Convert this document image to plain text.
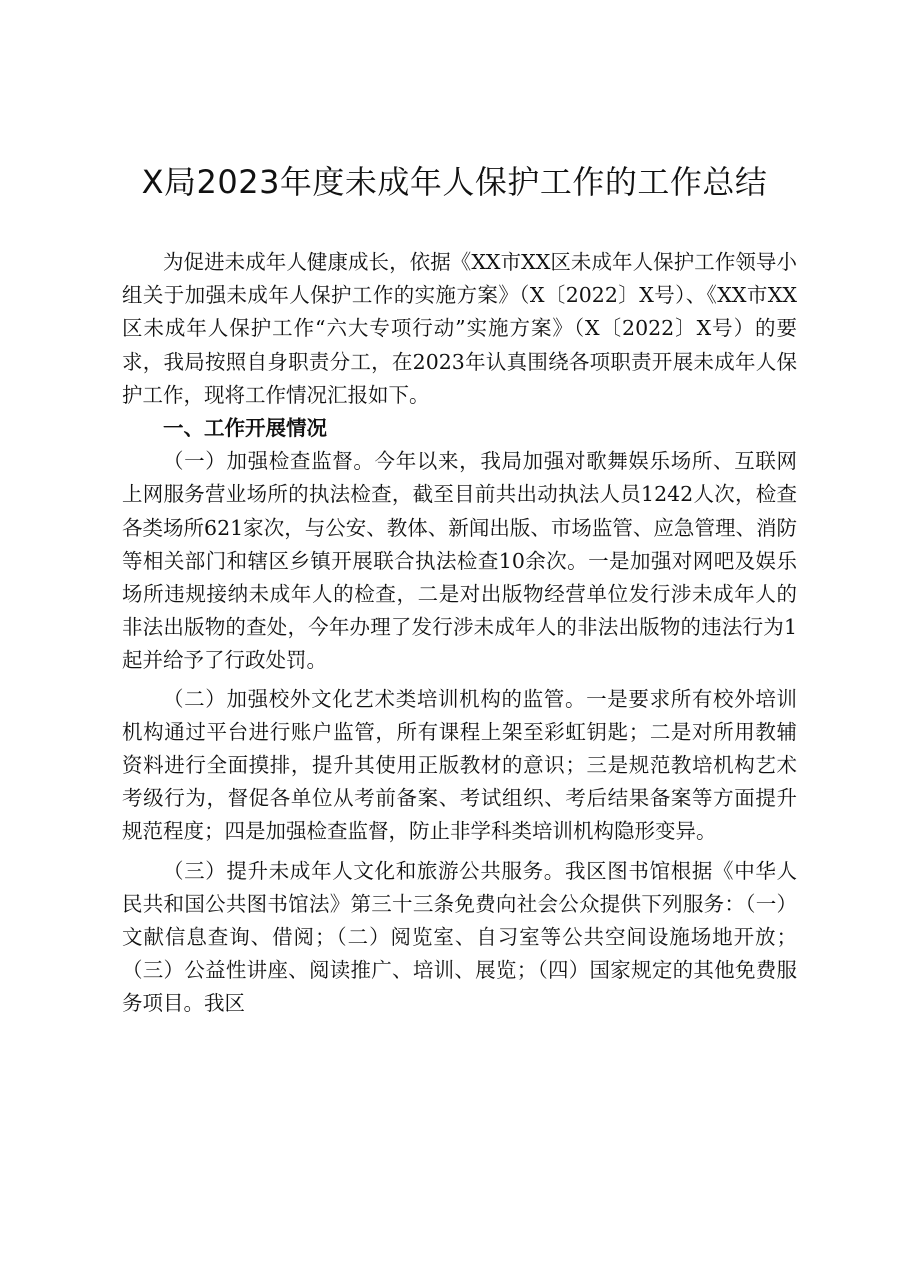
X局2023年度未成年人保护工作的工作总结

为促进未成年人健康成长，依据《XX市XX区未成年人保护工作领导小组关于加强未成年人保护工作的实施方案》（X〔2022〕X号）、《XX市XX区未成年人保护工作“六大专项行动”实施方案》（X〔2022〕X号）的要求，我局按照自身职责分工，在2023年认真围绕各项职责开展未成年人保护工作，现将工作情况汇报如下。

一、工作开展情况

（一）加强检查监督。今年以来，我局加强对歌舞娱乐场所、互联网上网服务营业场所的执法检查，截至目前共出动执法人员1242人次，检查各类场所621家次，与公安、教体、新闻出版、市场监管、应急管理、消防等相关部门和辖区乡镇开展联合执法检查10余次。一是加强对网吧及娱乐场所违规接纳未成年人的检查，二是对出版物经营单位发行涉未成年人的非法出版物的查处，今年办理了发行涉未成年人的非法出版物的违法行为1起并给予了行政处罚。

（二）加强校外文化艺术类培训机构的监管。一是要求所有校外培训机构通过平台进行账户监管，所有课程上架至彩虹钥匙；二是对所用教辅资料进行全面摸排，提升其使用正版教材的意识；三是规范教培机构艺术考级行为，督促各单位从考前备案、考试组织、考后结果备案等方面提升规范程度；四是加强检查监督，防止非学科类培训机构隐形变异。

（三）提升未成年人文化和旅游公共服务。我区图书馆根据《中华人民共和国公共图书馆法》第三十三条免费向社会公众提供下列服务：（一）文献信息查询、借阅；（二）阅览室、自习室等公共空间设施场地开放；（三）公益性讲座、阅读推广、培训、展览；（四）国家规定的其他免费服务项目。我区
